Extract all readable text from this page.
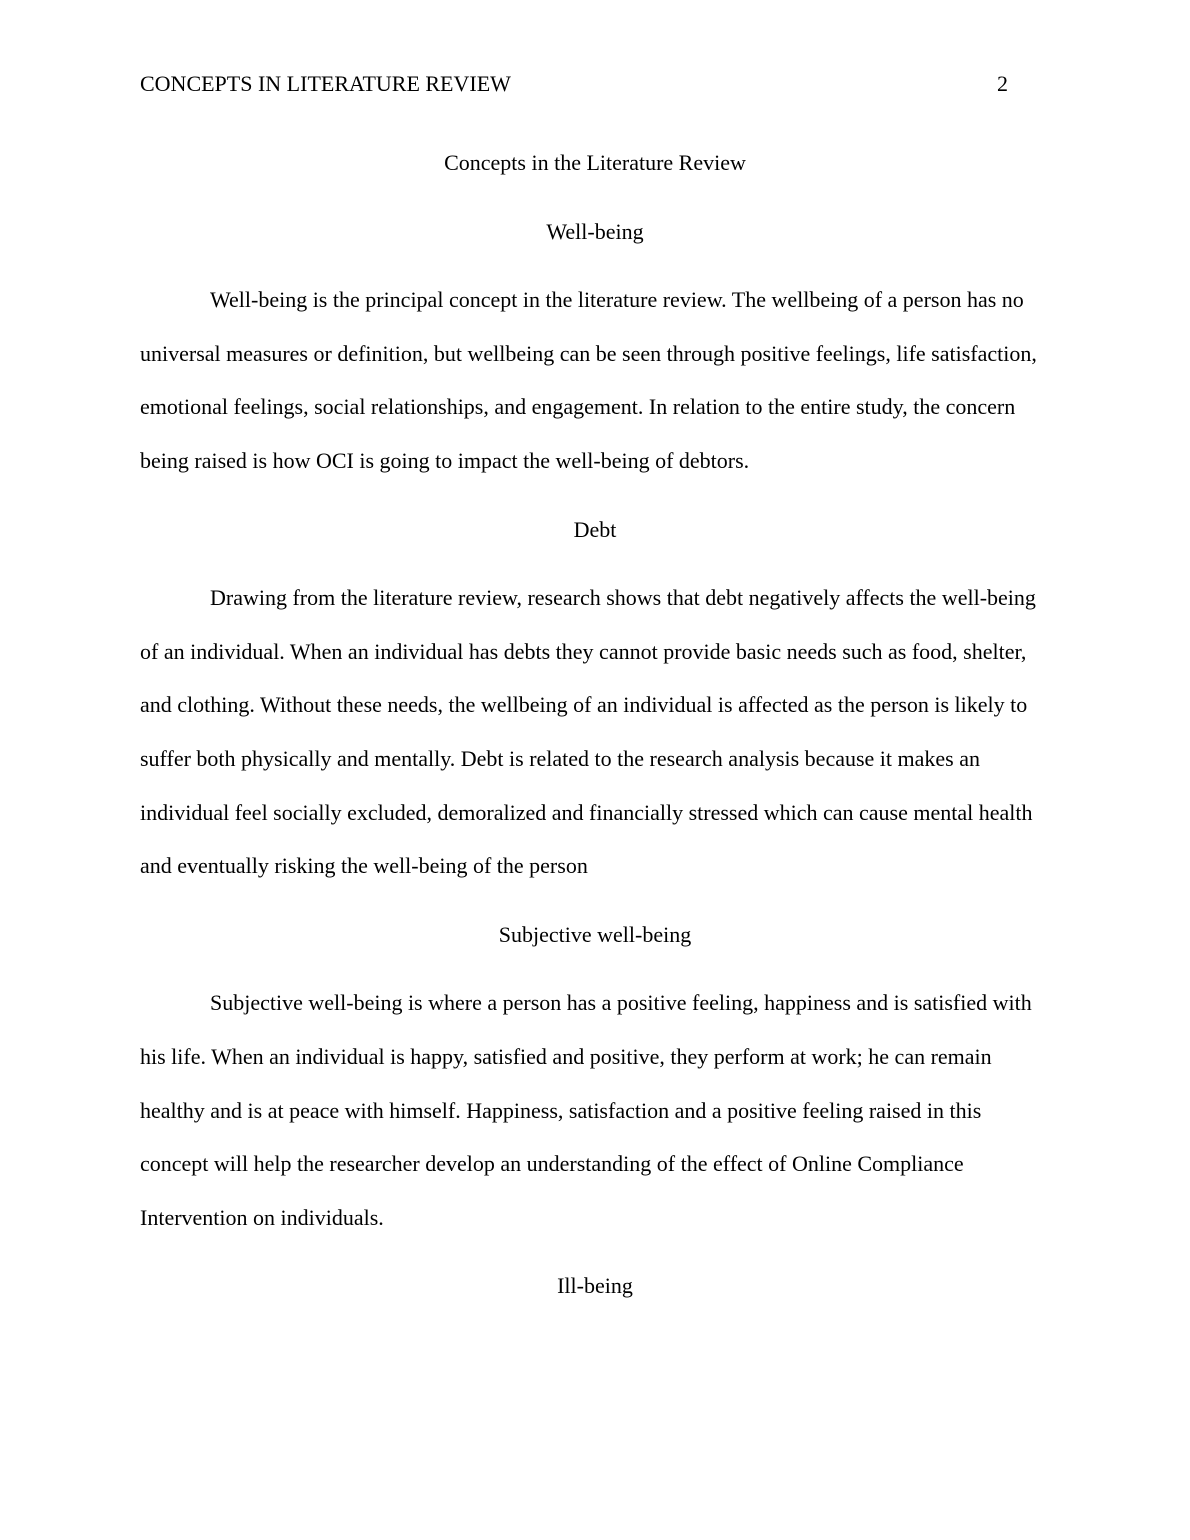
CONCEPTS IN LITERATURE REVIEW	2

Concepts in the Literature Review

Well-being

Well-being is the principal concept in the literature review. The wellbeing of a person has no universal measures or definition, but wellbeing can be seen through positive feelings, life satisfaction, emotional feelings, social relationships, and engagement. In relation to the entire study, the concern being raised is how OCI is going to impact the well-being of debtors.

Debt

Drawing from the literature review, research shows that debt negatively affects the well-being of an individual. When an individual has debts they cannot provide basic needs such as food, shelter, and clothing. Without these needs, the wellbeing of an individual is affected as the person is likely to suffer both physically and mentally. Debt is related to the research analysis because it makes an individual feel socially excluded, demoralized and financially stressed which can cause mental health and eventually risking the well-being of the person

Subjective well-being

Subjective well-being is where a person has a positive feeling, happiness and is satisfied with his life. When an individual is happy, satisfied and positive, they perform at work; he can remain healthy and is at peace with himself. Happiness, satisfaction and a positive feeling raised in this concept will help the researcher develop an understanding of the effect of Online Compliance Intervention on individuals.

Ill-being
